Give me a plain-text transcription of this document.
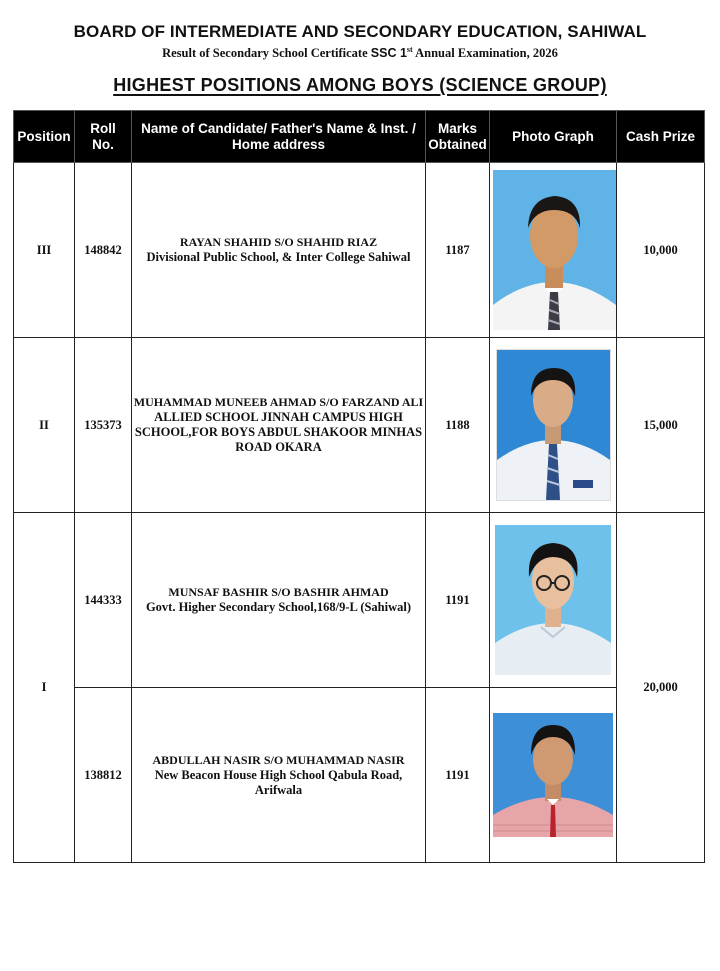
BOARD OF INTERMEDIATE AND SECONDARY EDUCATION, SAHIWAL
Result of Secondary School Certificate SSC 1st Annual Examination, 2026
HIGHEST POSITIONS AMONG BOYS (SCIENCE GROUP)
Position	Roll No.	Name of Candidate/ Father's Name & Inst. / Home address	Marks Obtained	Photo Graph	Cash Prize
III	148842	RAYAN SHAHID S/O SHAHID RIAZ
Divisional Public School, & Inter College Sahiwal	1187		10,000
II	135373	MUHAMMAD MUNEEB AHMAD S/O FARZAND ALI
ALLIED SCHOOL JINNAH CAMPUS HIGH SCHOOL,FOR BOYS ABDUL SHAKOOR MINHAS ROAD OKARA	1188		15,000
I	144333	MUNSAF BASHIR S/O BASHIR AHMAD
Govt. Higher Secondary School,168/9-L (Sahiwal)	1191		20,000
	138812	ABDULLAH NASIR S/O MUHAMMAD NASIR
New Beacon House High School Qabula Road, Arifwala	1191	
